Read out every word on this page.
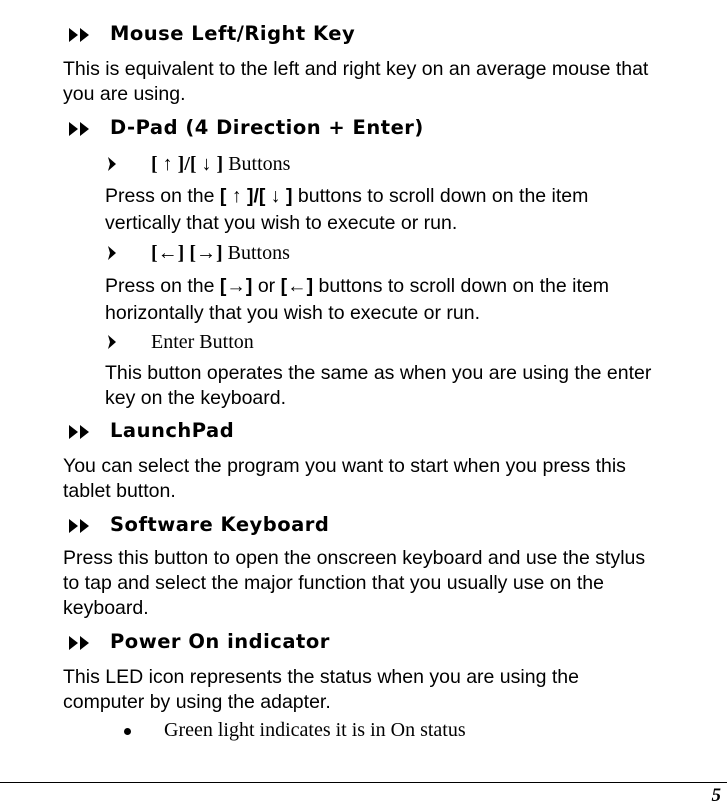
Mouse Left/Right Key
This is equivalent to the left and right key on an average mouse that
you are using.
D-Pad (4 Direction + Enter)
[ ↑ ]/[ ↓ ] Buttons
Press on the [ ↑ ]/[ ↓ ] buttons to scroll down on the item
vertically that you wish to execute or run.
[←] [→] Buttons
Press on the [→] or [←] buttons to scroll down on the item
horizontally that you wish to execute or run.
Enter Button
This button operates the same as when you are using the enter
key on the keyboard.
LaunchPad
You can select the program you want to start when you press this
tablet button.
Software Keyboard
Press this button to open the onscreen keyboard and use the stylus
to tap and select the major function that you usually use on the
keyboard.
Power On indicator
This LED icon represents the status when you are using the
computer by using the adapter.
Green light indicates it is in On status
5
